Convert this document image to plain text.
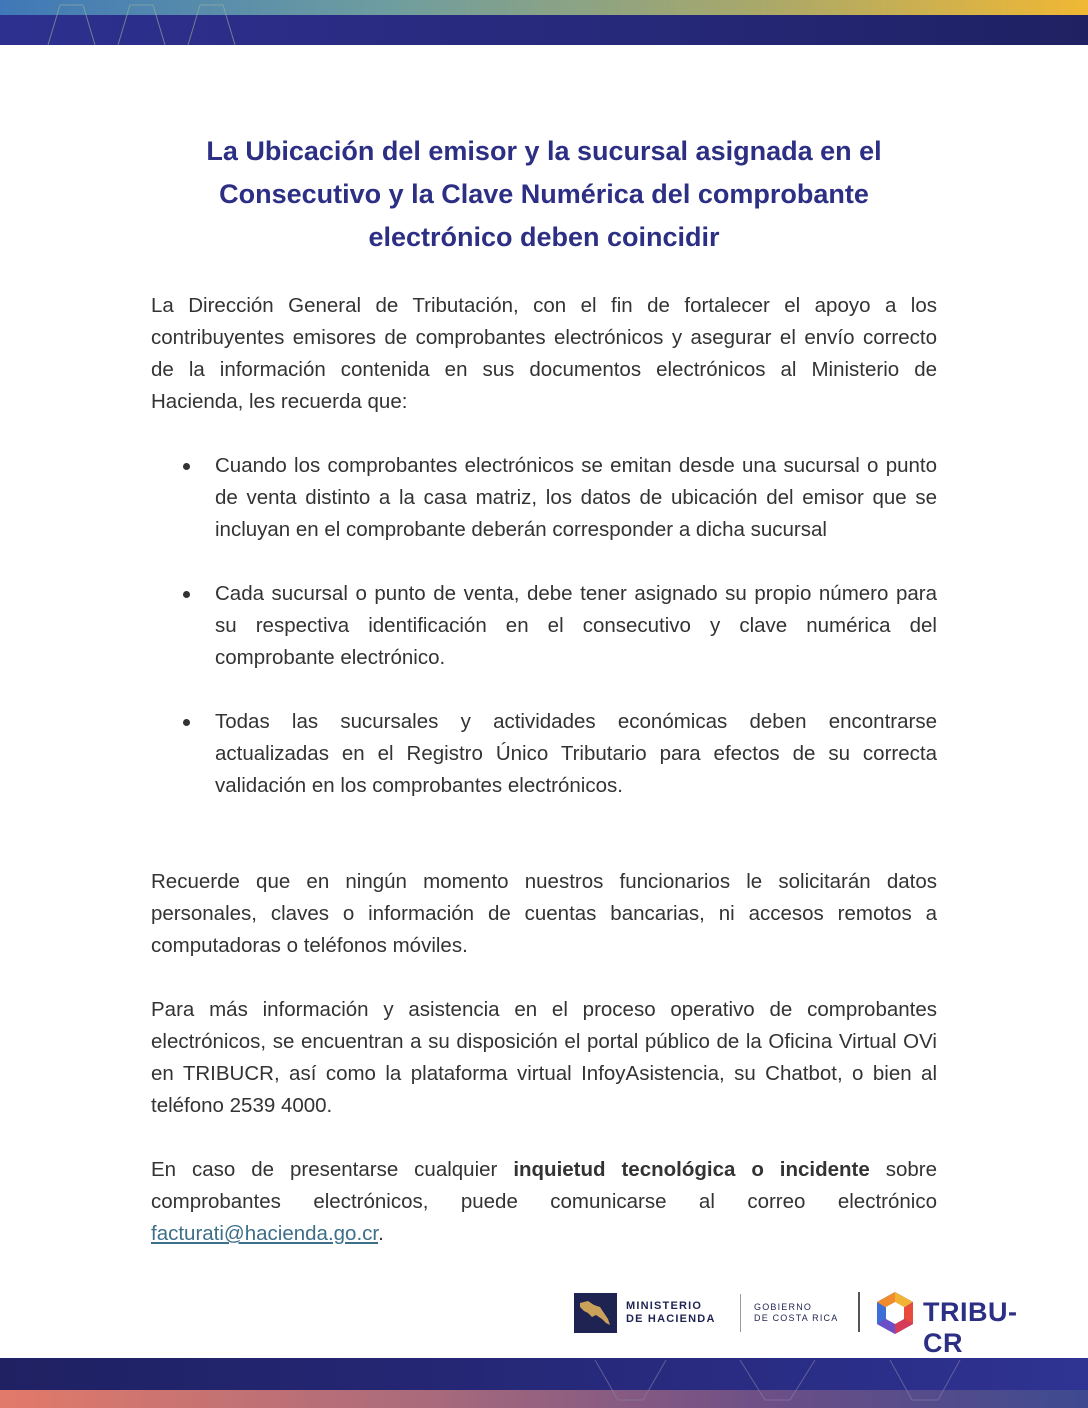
La Ubicación del emisor y la sucursal asignada en el Consecutivo y la Clave Numérica del comprobante electrónico deben coincidir

La Dirección General de Tributación, con el fin de fortalecer el apoyo a los contribuyentes emisores de comprobantes electrónicos y asegurar el envío correcto de la información contenida en sus documentos electrónicos al Ministerio de Hacienda, les recuerda que:

Cuando los comprobantes electrónicos se emitan desde una sucursal o punto de venta distinto a la casa matriz, los datos de ubicación del emisor que se incluyan en el comprobante deberán corresponder a dicha sucursal
Cada sucursal o punto de venta, debe tener asignado su propio número para su respectiva identificación en el consecutivo y clave numérica del comprobante electrónico.
Todas las sucursales y actividades económicas deben encontrarse actualizadas en el Registro Único Tributario para efectos de su correcta validación en los comprobantes electrónicos.

Recuerde que en ningún momento nuestros funcionarios le solicitarán datos personales, claves o información de cuentas bancarias, ni accesos remotos a computadoras o teléfonos móviles.

Para más información y asistencia en el proceso operativo de comprobantes electrónicos, se encuentran a su disposición el portal público de la Oficina Virtual OVi en TRIBUCR, así como la plataforma virtual InfoyAsistencia, su Chatbot, o bien al teléfono 2539 4000.

En caso de presentarse cualquier inquietud tecnológica o incidente sobre comprobantes electrónicos, puede comunicarse al correo electrónico facturati@hacienda.go.cr.

MINISTERIO
DE HACIENDA
GOBIERNO
DE COSTA RICA	TRIBU-CR
